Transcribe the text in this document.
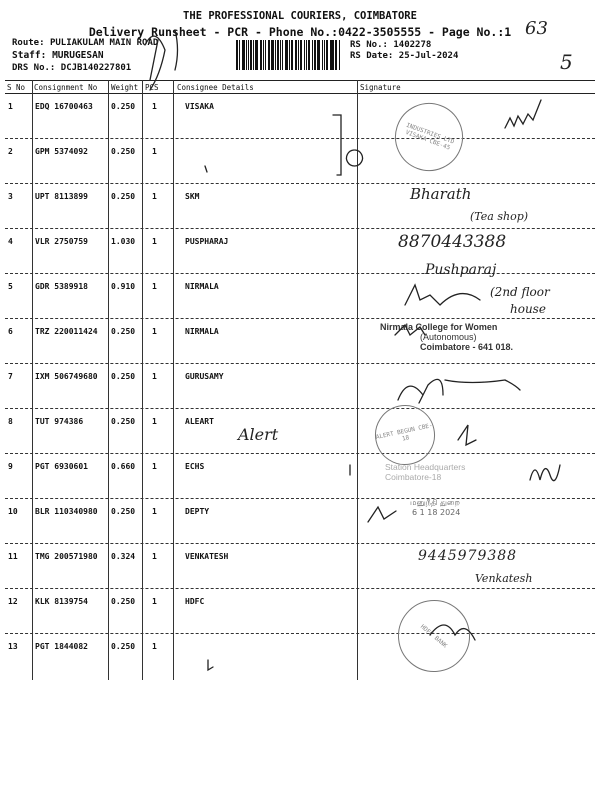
THE PROFESSIONAL COURIERS, COIMBATORE
Delivery Runsheet - PCR - Phone No.:0422-3505555 - Page No.:1
Route: PULIAKULAM MAIN ROAD
Staff: MURUGESAN
DRS No.: DCJB140227801
RS No.: 1402278
RS Date: 25-Jul-2024
63
5
S No Consignment No Weight PCS Consignee Details	Signature
1	EDQ 16700463 0.250 1	VISAKA
2	GPM 5374092	0.250 1
3	UPT 8113899	0.250 1	SKM
4	VLR 2750759	1.030 1	PUSPHARAJ
5	GDR 5389918	0.910 1	NIRMALA
6	TRZ 220011424 0.250 1	NIRMALA
7	IXM 506749680 0.250 1	GURUSAMY
8	TUT 974386	0.250 1	ALEART
9	PGT 6930601	0.660 1	ECHS
10 BLR 110340980 0.250 1	DEPTY
11 TMG 200571980 0.324 1	VENKATESH
12 KLK 8139754	0.250 1	HDFC
13 PGT 1844082	0.250 1
INDUSTRIES LTD VISAKA CBE-45
Nirmala College for Women
(Autonomous)
Coimbatore - 641 018.
ALERT BEGUN CBE-18
Station Headquarters
Coimbatore-18
மனுநீதி துறை
6 1 18 2024
HDFC BANK
Bharath
(Tea shop)
8870443388
Pushparaj
(2nd floor
house
Alert
9445979388
Venkatesh
